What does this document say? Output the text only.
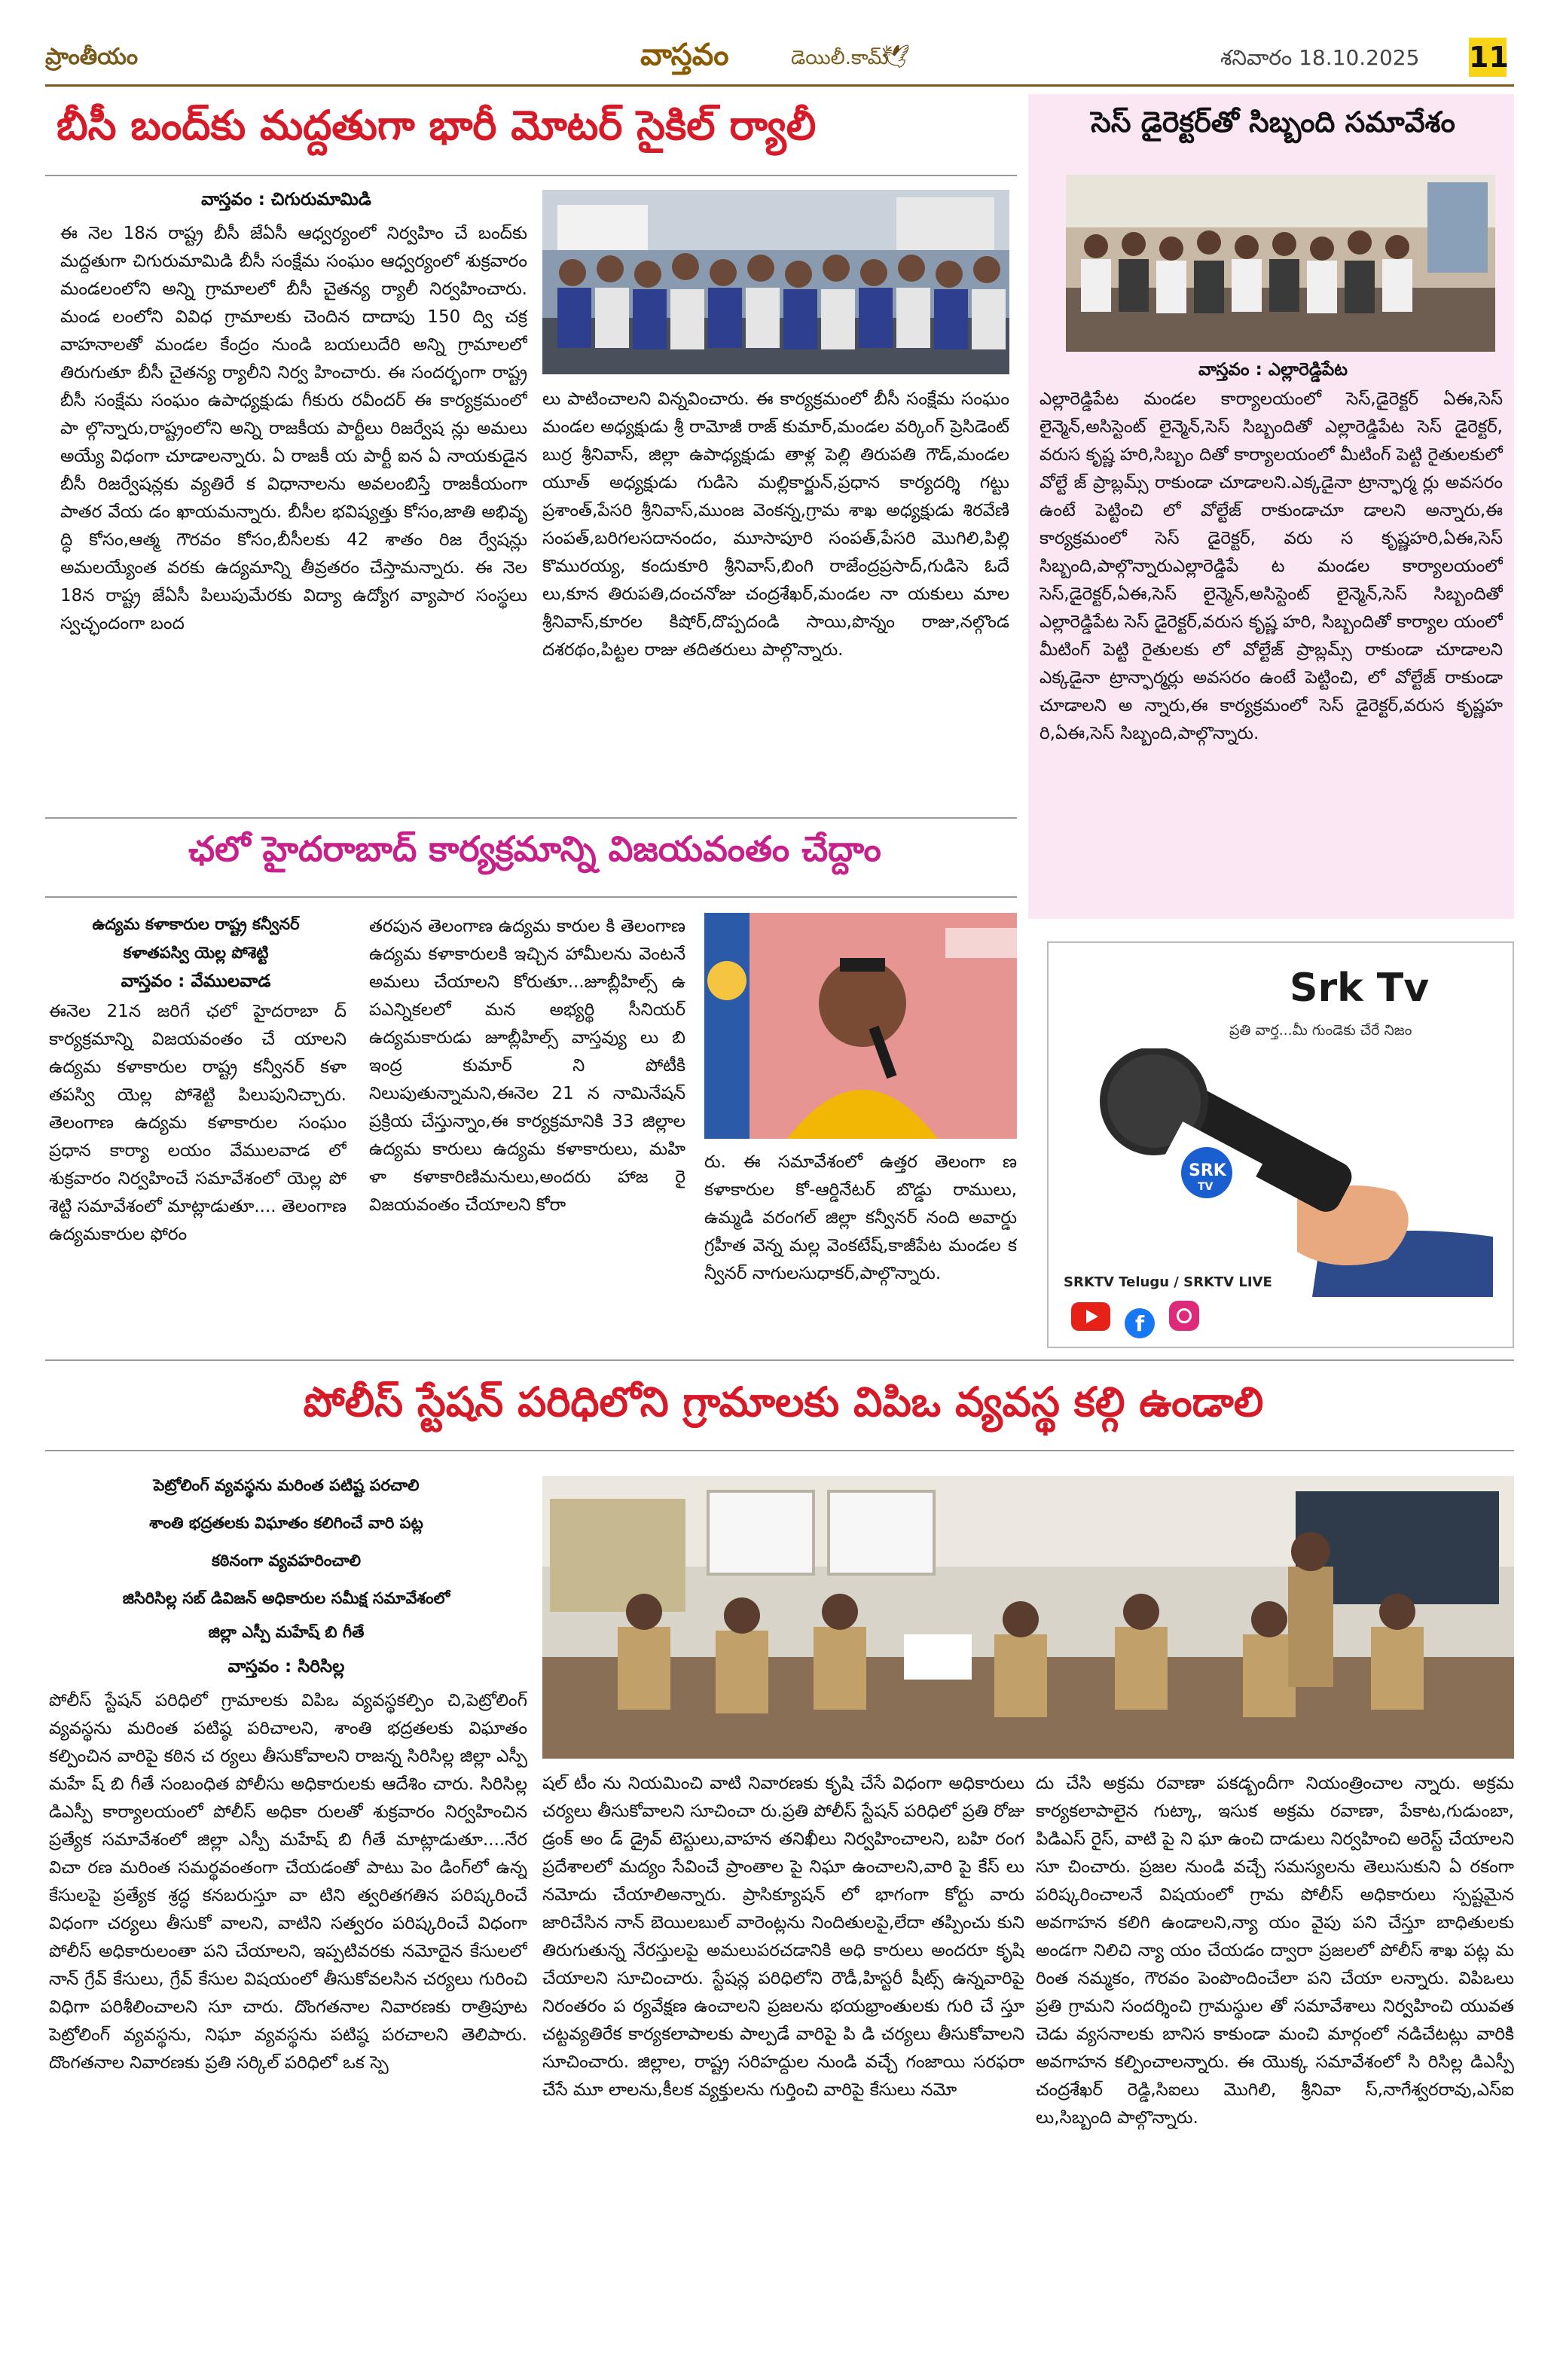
ప్రాంతీయం	వాస్తవం	డెయిలీ.కామ్
🕊	శనివారం 18.10.2025 11
బీసీ బంద్‌కు మద్దతుగా భారీ మోటర్ సైకిల్ ర్యాలీ
వాస్తవం : చిగురుమామిడి
ఈ నెల 18న రాష్ట్ర బీసీ జేఏసీ ఆధ్వర్యంలో నిర్వహిం చే బంద్‌కు మద్దతుగా చిగురుమామిడి బీసీ సంక్షేమ సంఘం ఆధ్వర్యంలో శుక్రవారం మండలంలోని అన్ని గ్రామాలలో బీసీ చైతన్య ర్యాలీ నిర్వహించారు. మండ లంలోని వివిధ గ్రామాలకు చెందిన దాదాపు 150 ద్వి చక్ర వాహనాలతో మండల కేంద్రం నుండి బయలుదేరి అన్ని గ్రామాలలో తిరుగుతూ బీసీ చైతన్య ర్యాలీని నిర్వ హించారు. ఈ సందర్భంగా రాష్ట్ర బీసీ సంక్షేమ సంఘం ఉపాధ్యక్షుడు గీకురు రవీందర్ ఈ కార్యక్రమంలో పా ల్గొన్నారు,రాష్ట్రంలోని అన్ని రాజకీయ పార్టీలు రిజర్వేష న్లు అమలు అయ్యే విధంగా చూడాలన్నారు. ఏ రాజకీ య పార్టీ ఐన ఏ నాయకుడైన బీసీ రిజర్వేషన్లకు వ్యతిరే క విధానాలను అవలంబిస్తే రాజకీయంగా పాతర వేయ డం ఖాయమన్నారు. బీసీల భవిష్యత్తు కోసం,జాతి అభివృ ద్ధి కోసం,ఆత్మ గౌరవం కోసం,బీసీలకు 42 శాతం రిజ ర్వేషన్లు అమలయ్యేంత వరకు ఉద్యమాన్ని తీవ్రతరం చేస్తామన్నారు. ఈ నెల 18న రాష్ట్ర జేఏసీ పిలుపుమేరకు విద్యా ఉద్యోగ వ్యాపార సంస్థలు స్వచ్ఛందంగా బంద
లు పాటించాలని విన్నవించారు. ఈ కార్యక్రమంలో బీసీ సంక్షేమ సంఘం మండల అధ్యక్షుడు శ్రీ రామోజీ రాజ్ కుమార్,మండల వర్కింగ్ ప్రెసిడెంట్ బుర్ర శ్రీనివాస్, జిల్లా ఉపాధ్యక్షుడు తాళ్ల పెల్లి తిరుపతి గౌడ్,మండల యూత్ అధ్యక్షుడు గుడిసె మల్లికార్జున్,ప్రధాన కార్యదర్శి గట్టు ప్రశాంత్,పేసరి శ్రీనివాస్,ముంజ వెంకన్న,గ్రామ శాఖ అధ్యక్షుడు శిరవేణి సంపత్,బరిగలసదానందం, మూసాపూరి సంపత్,పేసరి మొగిలి,పిల్లి కొమురయ్య, కందుకూరి శ్రీనివాస్,బింగి రాజేంద్రప్రసాద్,గుడిసె ఓదే లు,కూన తిరుపతి,దంచనోజు చంద్రశేఖర్,మండల నా యకులు మాల శ్రీనివాస్,కూరల కిషోర్,దొప్పదండి సాయి,పొన్నం రాజు,నల్గొండ దశరథం,పిట్టల రాజు తదితరులు పాల్గొన్నారు.
సెస్ డైరెక్టర్‌తో సిబ్బంది సమావేశం
వాస్తవం : ఎల్లారెడ్డిపేట
ఎల్లారెడ్డిపేట మండల కార్యాలయంలో సెస్,డైరెక్టర్ ఏఈ,సెస్ లైన్మెన్,అసిస్టెంట్ లైన్మెన్,సెస్ సిబ్బందితో ఎల్లారెడ్డిపేట సెస్ డైరెక్టర్, వరుస కృష్ణ హరి,సిబ్బం దితో కార్యాలయంలో మీటింగ్ పెట్టి రైతులకులో వోల్టే జ్ ప్రాబ్లమ్స్ రాకుండా చూడాలని.ఎక్కడైనా ట్రాన్ఫార్మ ర్లు అవసరం ఉంటే పెట్టించి లో వోల్టేజ్ రాకుండాచూ డాలని అన్నారు,ఈ కార్యక్రమంలో సెస్ డైరెక్టర్, వరు స కృష్ణహరి,ఏఈ,సెస్ సిబ్బంది,పాల్గొన్నారుఎల్లారెడ్డిపే ట మండల కార్యాలయంలో సెస్,డైరెక్టర్,ఏఈ,సెస్ లైన్మెన్,అసిస్టెంట్ లైన్మెన్,సెస్ సిబ్బందితో ఎల్లారెడ్డిపేట సెస్ డైరెక్టర్,వరుస కృష్ణ హరి, సిబ్బందితో కార్యాల యంలో మీటింగ్ పెట్టి రైతులకు లో వోల్టేజ్ ప్రాబ్లమ్స్ రాకుండా చూడాలని ఎక్కడైనా ట్రాన్ఫార్మర్లు అవసరం ఉంటే పెట్టించి, లో వోల్టేజ్ రాకుండా చూడాలని అ న్నారు,ఈ కార్యక్రమంలో సెస్ డైరెక్టర్,వరుస కృష్ణహ రి,ఏఈ,సెస్ సిబ్బంది,పాల్గొన్నారు.
ఛలో హైదరాబాద్ కార్యక్రమాన్ని విజయవంతం చేద్దాం
ఉద్యమ కళాకారుల రాష్ట్ర కన్వీనర్
కళాతపస్వి యెల్ల పోశెట్టి
వాస్తవం : వేములవాడ
ఈనెల 21న జరిగే ఛలో హైదరాబా ద్ కార్యక్రమాన్ని విజయవంతం చే యాలని ఉద్యమ కళాకారుల రాష్ట్ర కన్వీనర్ కళా తపస్వి యెల్ల పోశెట్టి పిలుపునిచ్చారు. తెలంగాణ ఉద్యమ కళాకారుల సంఘం ప్రధాన కార్యా లయం వేములవాడ లో శుక్రవారం నిర్వహించే సమావేశంలో యెల్ల పో శెట్టి సమావేశంలో మాట్లాడుతూ.... తెలంగాణ ఉద్యమకారుల ఫోరం
తరపున తెలంగాణ ఉద్యమ కారుల కి తెలంగాణ ఉద్యమ కళాకారులకి ఇచ్చిన హామీలను వెంటనే అమలు చేయాలని కోరుతూ...జూబ్లీహిల్స్ ఉ పఎన్నికలలో మన అభ్యర్థి సీనియర్ ఉద్యమకారుడు జూబ్లీహిల్స్ వాస్తవ్యు లు బి ఇంద్ర కుమార్ ని పోటీకి నిలుపుతున్నామని,ఈనెల 21 న నామినేషన్ ప్రక్రియ చేస్తున్నాం,ఈ కార్యక్రమానికి 33 జిల్లాల ఉద్యమ కారులు ఉద్యమ కళాకారులు, మహి ళా కళాకారిణిమనులు,అందరు హాజ రై విజయవంతం చేయాలని కోరా
రు. ఈ సమావేశంలో ఉత్తర తెలంగా ణ కళాకారుల కో-ఆర్డినేటర్ బొడ్డు రాములు, ఉమ్మడి వరంగల్ జిల్లా కన్వీనర్ నంది అవార్డు గ్రహీత వెన్న మల్ల వెంకటేష్,కాజీపేట మండల క న్వీనర్ నాగులసుధాకర్,పాల్గొన్నారు.
Srk Tv
ప్రతి వార్త...మీ గుండెకు చేరే నిజం
SRK
TV
SRKTV Telugu / SRKTV LIVE
f
పోలీస్ స్టేషన్ పరిధిలోని గ్రామాలకు విపిఒ వ్యవస్థ కల్గి ఉండాలి
పెట్రోలింగ్ వ్యవస్థను మరింత పటిష్ట పరచాలి
శాంతి భద్రతలకు విఘాతం కలిగించే వారి పట్ల
కఠినంగా వ్యవహరించాలి
జిసిరిసిల్ల సబ్ డివిజన్ అధికారుల సమీక్ష సమావేశంలో
జిల్లా ఎస్పీ మహేష్ బి గీతే
వాస్తవం : సిరిసిల్ల
పోలీస్ స్టేషన్ పరిధిలో గ్రామాలకు విపిఒ వ్యవస్థకల్పిం చి,పెట్రోలింగ్ వ్యవస్థను మరింత పటిష్ఠ పరిచాలని, శాంతి భద్రతలకు విఘాతం కల్పించిన వారిపై కఠిన చ ర్యలు తీసుకోవాలని రాజన్న సిరిసిల్ల జిల్లా ఎస్పీ మహే ష్ బి గీతే సంబంధిత పోలీసు అధికారులకు ఆదేశిం చారు. సిరిసిల్ల డిఎస్పీ కార్యాలయంలో పోలీస్ అధికా రులతో శుక్రవారం నిర్వహించిన ప్రత్యేక సమావేశంలో జిల్లా ఎస్పీ మహేష్ బి గీతే మాట్లాడుతూ....నేర విచా రణ మరింత సమర్థవంతంగా చేయడంతో పాటు పెం డింగ్‌లో ఉన్న కేసులపై ప్రత్యేక శ్రద్ధ కనబరుస్తూ వా టిని త్వరితగతిన పరిష్కరించే విధంగా చర్యలు తీసుకో వాలని, వాటిని సత్వరం పరిష్కరించే విధంగా పోలీస్ అధికారులంతా పని చేయాలని, ఇప్పటివరకు నమోదైన కేసులలో నాన్ గ్రేవ్ కేసులు, గ్రేవ్ కేసుల విషయంలో తీసుకోవలసిన చర్యలు గురించి విధిగా పరిశీలించాలని సూ చారు. దొంగతనాల నివారణకు రాత్రిపూట పెట్రోలింగ్ వ్యవస్థను, నిఘా వ్యవస్థను పటిష్ఠ పరచాలని తెలిపారు. దొంగతనాల నివారణకు ప్రతి సర్కిల్ పరిధిలో ఒక స్పె
షల్ టీం ను నియమించి వాటి నివారణకు కృషి చేసే విధంగా అధికారులు చర్యలు తీసుకోవాలని సూచించా రు.ప్రతి పోలీస్ స్టేషన్ పరిధిలో ప్రతి రోజు డ్రంక్ అం డ్ డ్రైవ్ టెస్టులు,వాహన తనిఖీలు నిర్వహించాలని, బహి రంగ ప్రదేశాలలో మద్యం సేవించే ప్రాంతాల పై నిఘా ఉంచాలని,వారి పై కేస్ లు నమోదు చేయాలిఅన్నారు. ప్రాసిక్యూషన్ లో భాగంగా కోర్టు వారు జారిచేసిన నాన్ బెయిలబుల్ వారెంట్లను నిందితులపై,లేదా తప్పించు కుని తిరుగుతున్న నేరస్తులపై అమలుపరచడానికి అధి కారులు అందరూ కృషి చేయాలని సూచించారు. స్టేషన్ల పరిధిలోని రౌడీ,హిస్టరీ షీట్స్ ఉన్నవారిపై నిరంతరం ప ర్యవేక్షణ ఉంచాలని ప్రజలను భయభ్రాంతులకు గురి చే స్తూ చట్టవ్యతిరేక కార్యకలాపాలకు పాల్పడే వారిపై పి డి చర్యలు తీసుకోవాలని సూచించారు. జిల్లాల, రాష్ట్ర సరిహద్దుల నుండి వచ్చే గంజాయి సరఫరా చేసే మూ లాలను,కీలక వ్యక్తులను గుర్తించి వారిపై కేసులు నమో
దు చేసి అక్రమ రవాణా పకడ్బందీగా నియంత్రించాల న్నారు. అక్రమ కార్యకలాపాలైన గుట్కా, ఇసుక అక్రమ రవాణా, పేకాట,గుడుంబా, పిడిఎస్ రైస్, వాటి పై ని ఘా ఉంచి దాడులు నిర్వహించి అరెస్ట్ చేయాలని సూ చించారు. ప్రజల నుండి వచ్చే సమస్యలను తెలుసుకుని ఏ రకంగా పరిష్కరించాలనే విషయంలో గ్రామ పోలీస్ అధికారులు స్పష్టమైన అవగాహన కలిగి ఉండాలని,న్యా యం వైపు పని చేస్తూ బాధితులకు అండగా నిలిచి న్యా యం చేయడం ద్వారా ప్రజలలో పోలీస్ శాఖ పట్ల మ రింత నమ్మకం, గౌరవం పెంపొందించేలా పని చేయా లన్నారు. విపిఒలు ప్రతి గ్రామని సందర్శించి గ్రామస్థుల తో సమావేశాలు నిర్వహించి యువత చెడు వ్యసనాలకు బానిస కాకుండా మంచి మార్గంలో నడిచేటట్లు వారికి అవగాహన కల్పించాలన్నారు. ఈ యొక్క సమావేశంలో సి రిసిల్ల డిఎస్పీ చంద్రశేఖర్ రెడ్డి,సిఐలు మొగిలి, శ్రీనివా స్,నాగేశ్వరరావు,ఎస్ఐ లు,సిబ్బంది పాల్గొన్నారు.
